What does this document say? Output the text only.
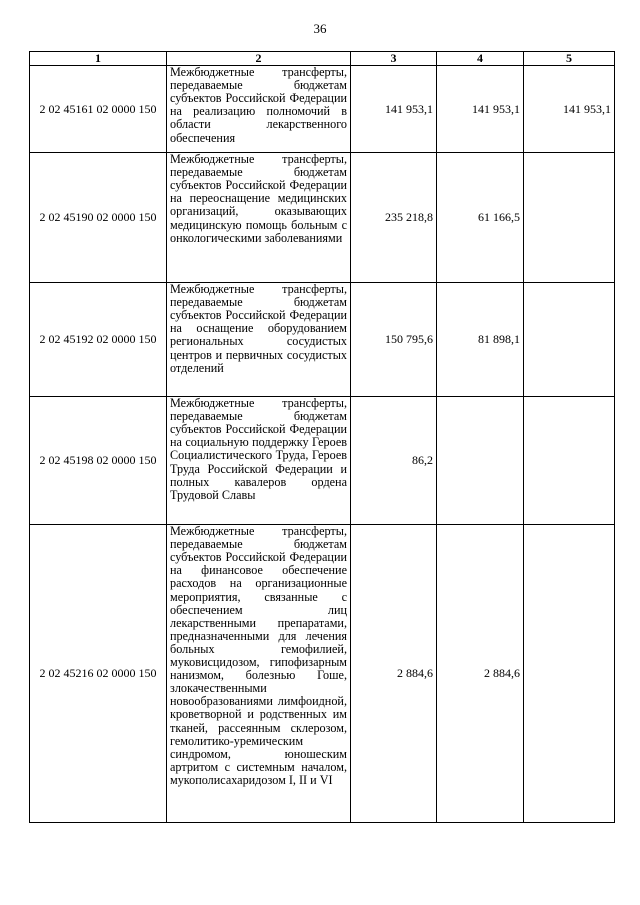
36
1	2	3	4	5
2 02 45161 02 0000 150	Межбюджетные трансферты, передаваемые бюджетам субъектов Российской Федерации на реализацию полномочий в области лекарственного обеспечения	141 953,1	141 953,1	141 953,1
2 02 45190 02 0000 150	Межбюджетные трансферты, передаваемые бюджетам субъектов Российской Федерации на переоснащение медицинских организаций, оказывающих медицинскую помощь больным с онкологическими заболеваниями	235 218,8	61 166,5	
2 02 45192 02 0000 150	Межбюджетные трансферты, передаваемые бюджетам субъектов Российской Федерации на оснащение оборудованием региональных сосудистых центров и первичных сосудистых отделений	150 795,6	81 898,1	
2 02 45198 02 0000 150	Межбюджетные трансферты, передаваемые бюджетам субъектов Российской Федерации на социальную поддержку Героев Социалистического Труда, Героев Труда Российской Федерации и полных кавалеров ордена Трудовой Славы	86,2		
2 02 45216 02 0000 150	Межбюджетные трансферты, передаваемые бюджетам субъектов Российской Федерации на финансовое обеспечение расходов на организационные мероприятия, связанные с обеспечением лиц лекарственными препаратами, предназначенными для лечения больных гемофилией, муковисцидозом, гипофизарным нанизмом, болезнью Гоше, злокачественными новообразованиями лимфоидной, кроветворной и родственных им тканей, рассеянным склерозом, гемолитико-уремическим синдромом, юношеским артритом с системным началом, мукополисахаридозом I, II и VI	2 884,6	2 884,6	
